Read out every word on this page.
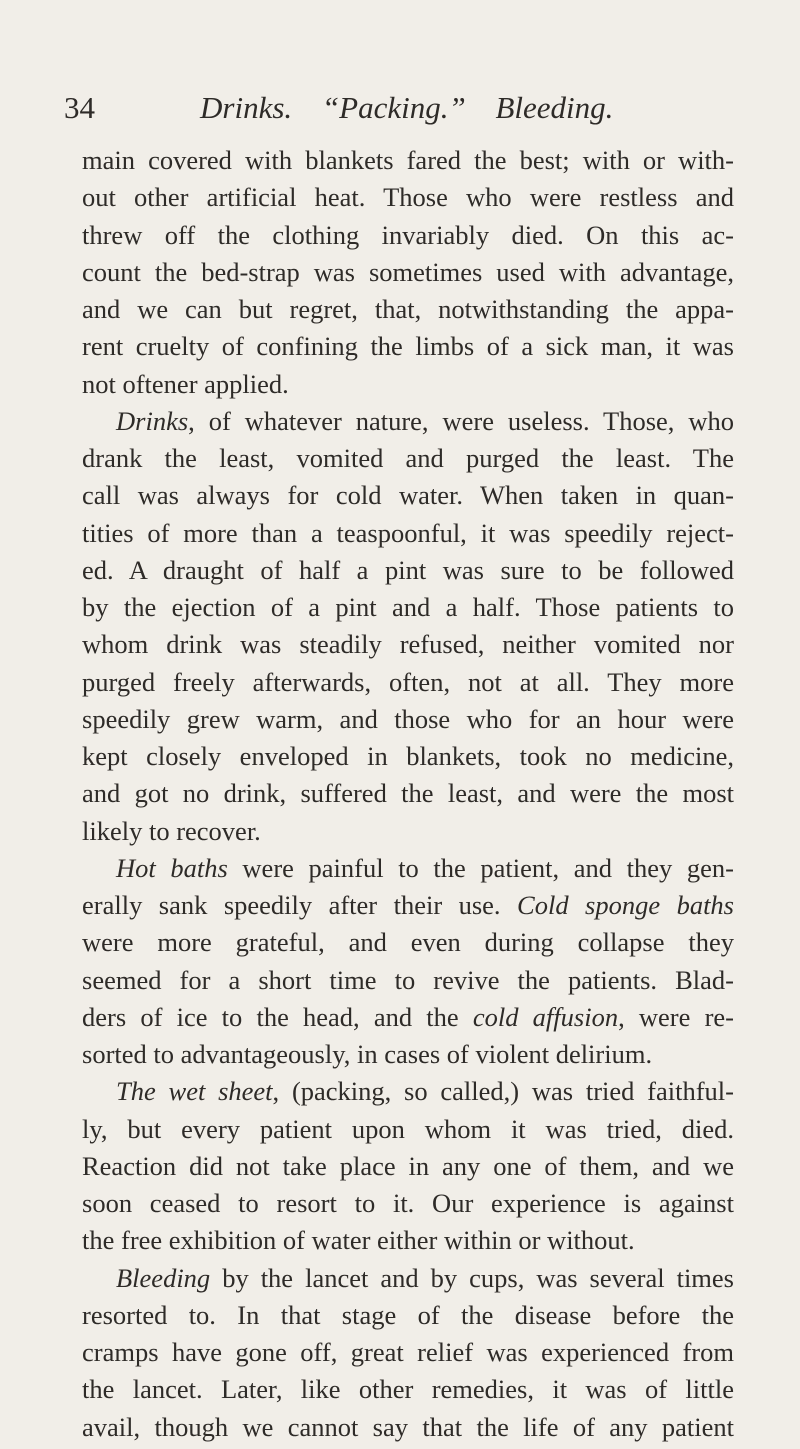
34	Drinks. “Packing.” Bleeding.
main covered with blankets fared the best; with or with-
out other artificial heat. Those who were restless and
threw off the clothing invariably died. On this ac-
count the bed-strap was sometimes used with advantage,
and we can but regret, that, notwithstanding the appa-
rent cruelty of confining the limbs of a sick man, it was
not oftener applied.
Drinks, of whatever nature, were useless. Those, who
drank the least, vomited and purged the least. The
call was always for cold water. When taken in quan-
tities of more than a teaspoonful, it was speedily reject-
ed. A draught of half a pint was sure to be followed
by the ejection of a pint and a half. Those patients to
whom drink was steadily refused, neither vomited nor
purged freely afterwards, often, not at all. They more
speedily grew warm, and those who for an hour were
kept closely enveloped in blankets, took no medicine,
and got no drink, suffered the least, and were the most
likely to recover.
Hot baths were painful to the patient, and they gen-
erally sank speedily after their use. Cold sponge baths
were more grateful, and even during collapse they
seemed for a short time to revive the patients. Blad-
ders of ice to the head, and the cold affusion, were re-
sorted to advantageously, in cases of violent delirium.
The wet sheet, (packing, so called,) was tried faithful-
ly, but every patient upon whom it was tried, died.
Reaction did not take place in any one of them, and we
soon ceased to resort to it. Our experience is against
the free exhibition of water either within or without.
Bleeding by the lancet and by cups, was several times
resorted to. In that stage of the disease before the
cramps have gone off, great relief was experienced from
the lancet. Later, like other remedies, it was of little
avail, though we cannot say that the life of any patient
